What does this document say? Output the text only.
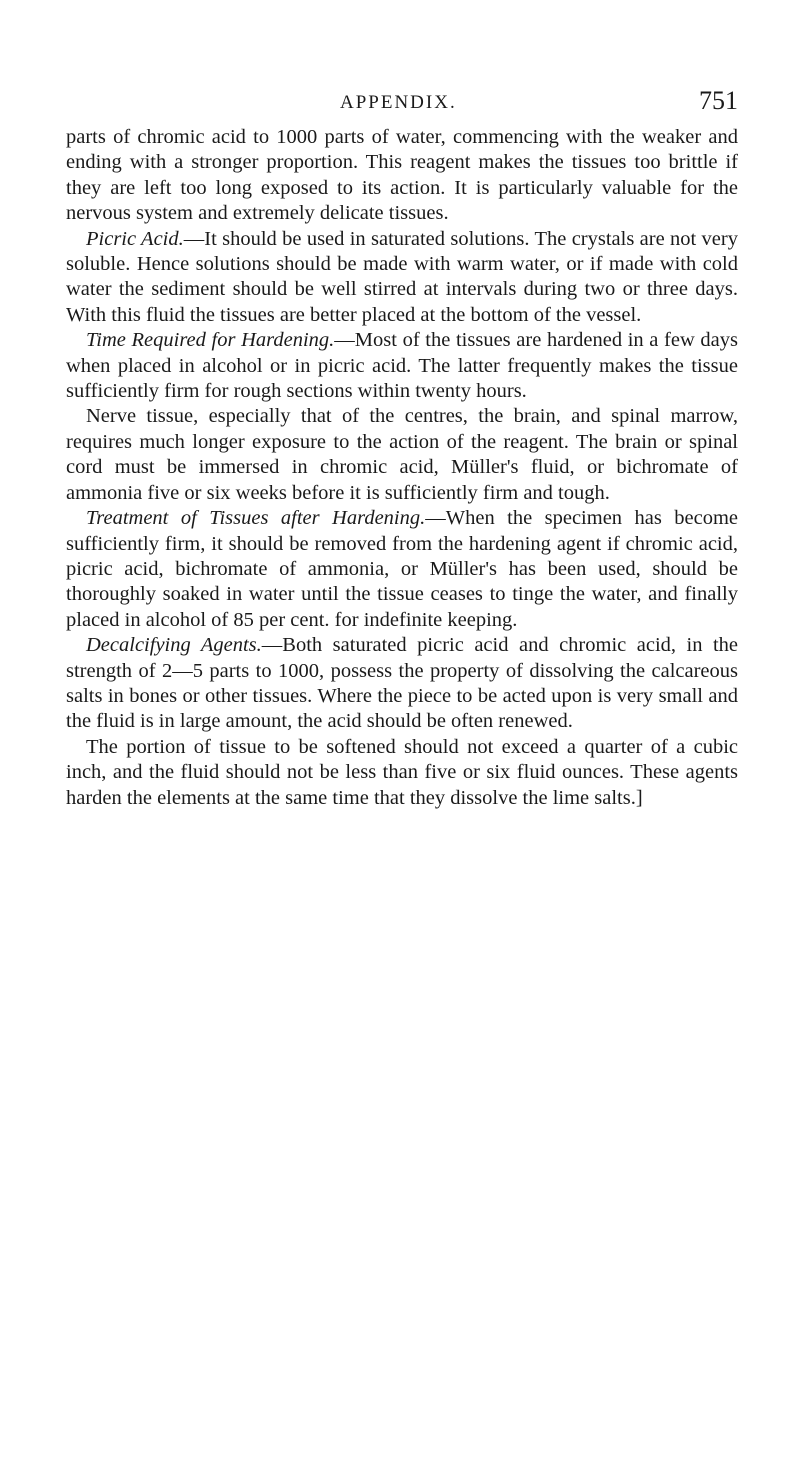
APPENDIX.	751

parts of chromic acid to 1000 parts of water, commencing with the weaker and ending with a stronger proportion. This reagent makes the tissues too brittle if they are left too long exposed to its action. It is particularly valuable for the nervous system and extremely delicate tissues.

Picric Acid.—It should be used in saturated solutions. The crystals are not very soluble. Hence solutions should be made with warm water, or if made with cold water the sediment should be well stirred at intervals during two or three days. With this fluid the tissues are better placed at the bottom of the vessel.

Time Required for Hardening.—Most of the tissues are hardened in a few days when placed in alcohol or in picric acid. The latter frequently makes the tissue sufficiently firm for rough sections within twenty hours.

Nerve tissue, especially that of the centres, the brain, and spinal marrow, requires much longer exposure to the action of the reagent. The brain or spinal cord must be immersed in chromic acid, Müller's fluid, or bichromate of ammonia five or six weeks before it is sufficiently firm and tough.

Treatment of Tissues after Hardening.—When the specimen has become sufficiently firm, it should be removed from the hardening agent if chromic acid, picric acid, bichromate of ammonia, or Müller's has been used, should be thoroughly soaked in water until the tissue ceases to tinge the water, and finally placed in alcohol of 85 per cent. for indefinite keeping.

Decalcifying Agents.—Both saturated picric acid and chromic acid, in the strength of 2—5 parts to 1000, possess the property of dissolving the calcareous salts in bones or other tissues. Where the piece to be acted upon is very small and the fluid is in large amount, the acid should be often renewed.

The portion of tissue to be softened should not exceed a quarter of a cubic inch, and the fluid should not be less than five or six fluid ounces. These agents harden the elements at the same time that they dissolve the lime salts.]
